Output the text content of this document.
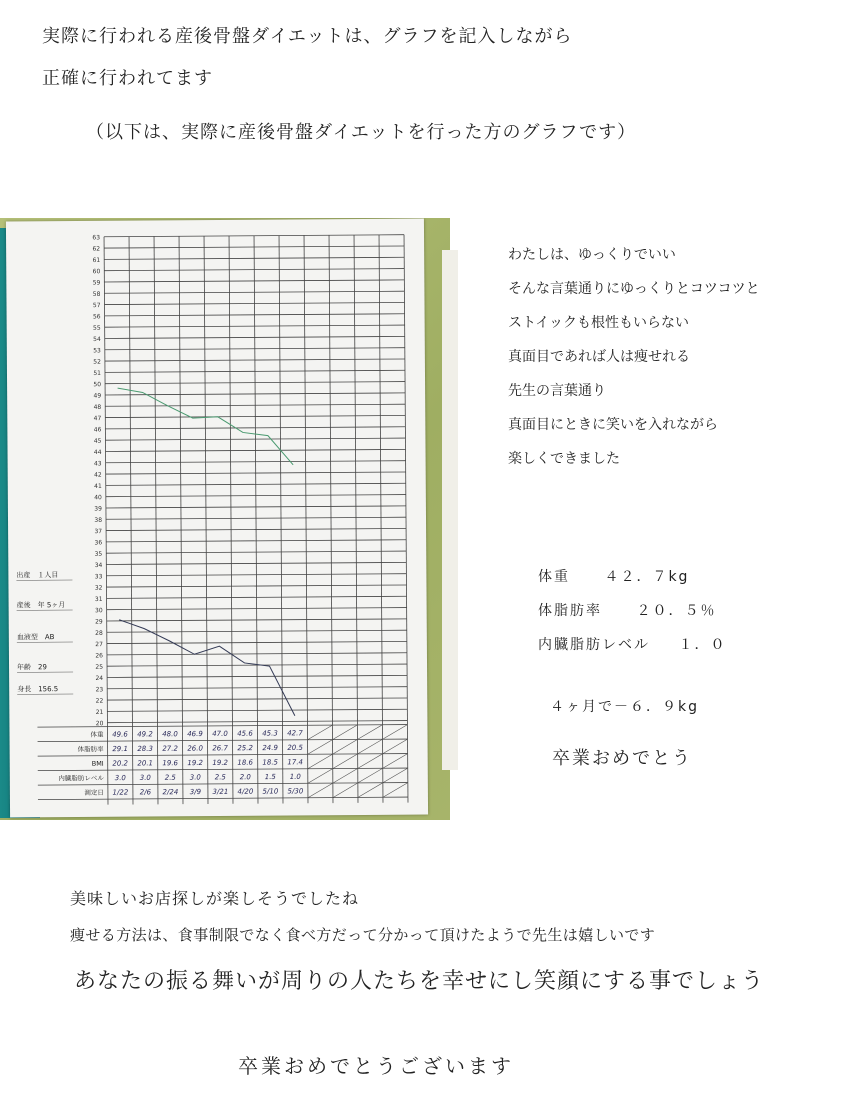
実際に行われる産後骨盤ダイエットは、グラフを記入しながら
正確に行われてます
（以下は、実際に産後骨盤ダイエットを行った方のグラフです）
63
62
61
60
59
58
57
56
55
54
53
52
51
50
49
48
47
46
45
44
43
42
41
40
39
38
37
36
35
34
33
32
31
30
29
28
27
26
25
24
23
22
21
20
体重 49.6 49.2 48.0 46.9 47.0 45.6 45.3 42.7
体脂肪率 29.1 28.3 27.2 26.0 26.7 25.2 24.9 20.5
BMI 20.2 20.1 19.6 19.2 19.2 18.6 18.5 17.4
内臓脂肪レベル 3.0 3.0 2.5 3.0 2.5 2.0 1.5 1.0
測定日 1/22 2/6 2/24 3/9 3/21 4/20 5/10 5/30
出産　１人目
産後　年 5ヶ月
血液型　AB
年齢　29
身長　156.5
わたしは、ゆっくりでいい
そんな言葉通りにゆっくりとコツコツと
ストイックも根性もいらない
真面目であれば人は痩せれる
先生の言葉通り
真面目にときに笑いを入れながら
楽しくできました
体重 ４２．７kg
体脂肪率 ２０．５％
内臓脂肪レベル １．０
４ヶ月で－６．９kg
卒業おめでとう
美味しいお店探しが楽しそうでしたね
痩せる方法は、食事制限でなく食べ方だって分かって頂けたようで先生は嬉しいです
あなたの振る舞いが周りの人たちを幸せにし笑顔にする事でしょう
卒業おめでとうございます
